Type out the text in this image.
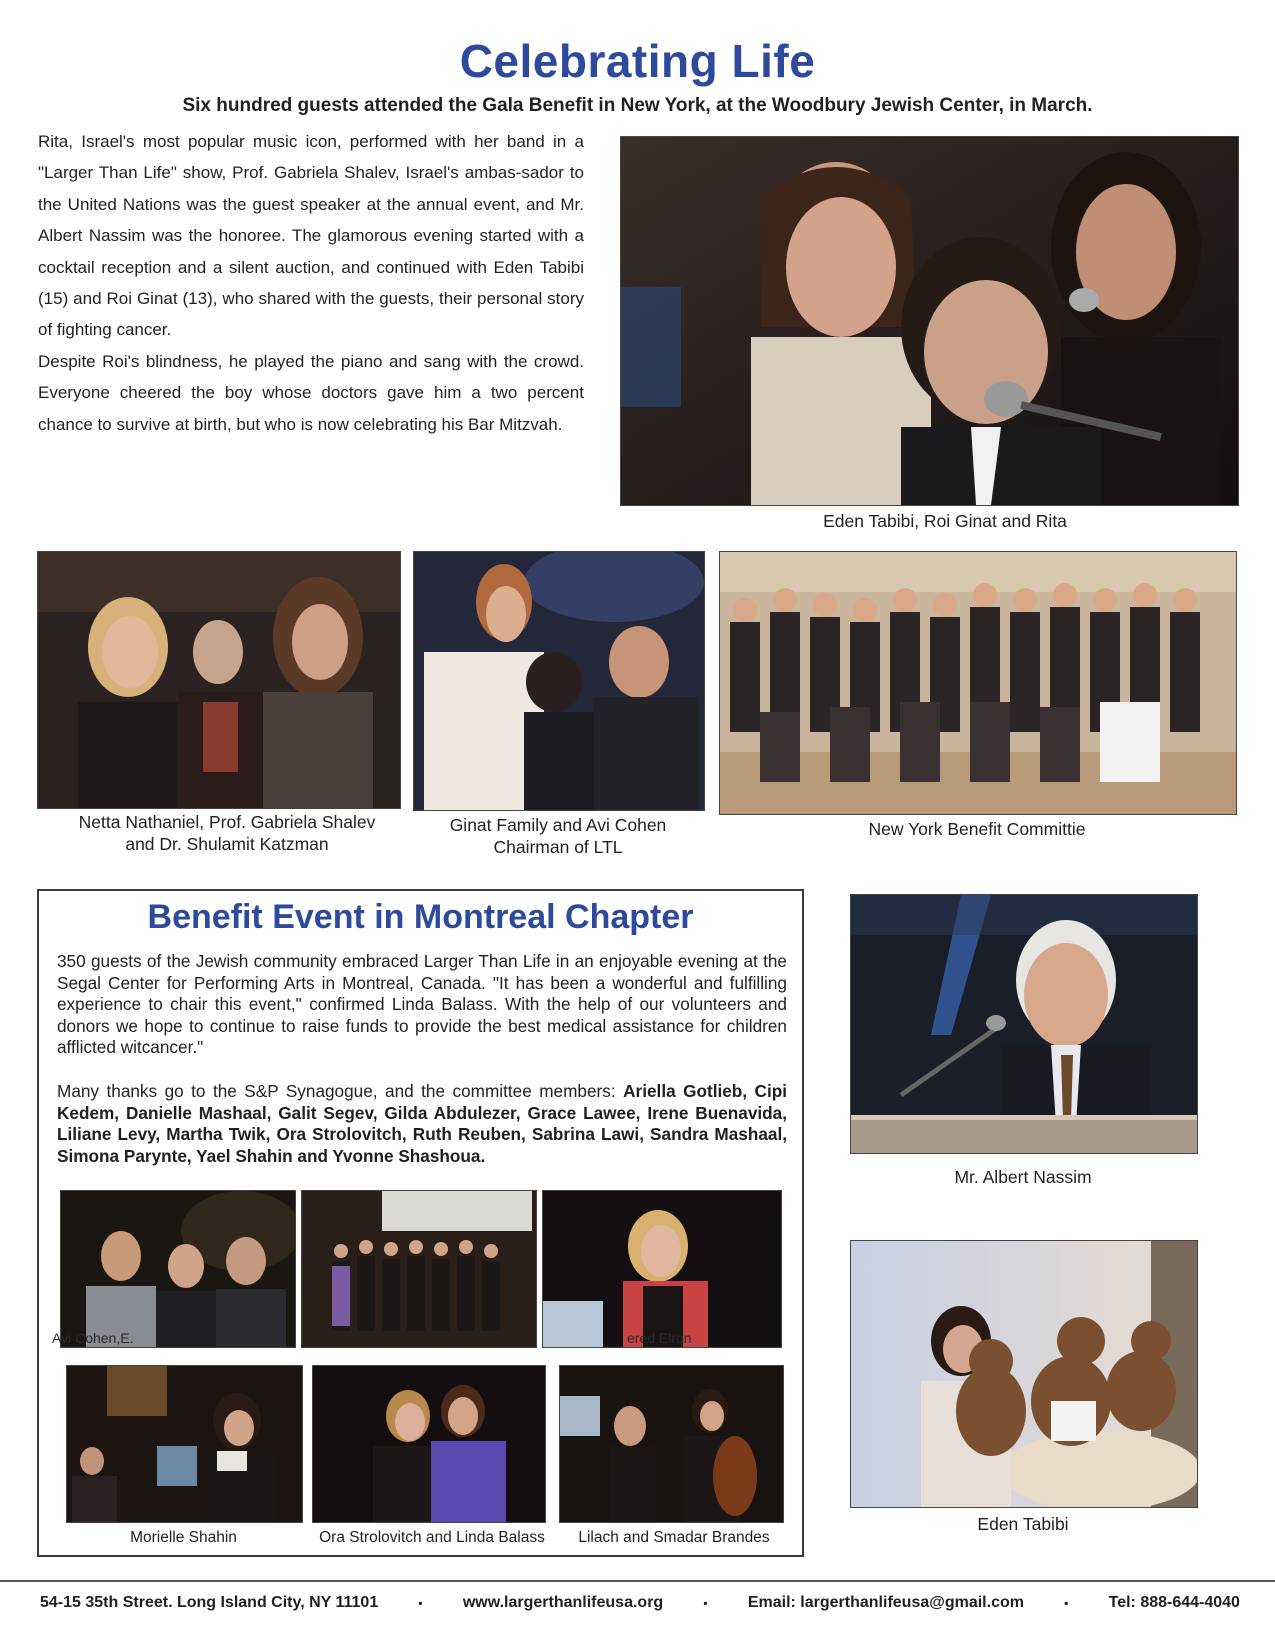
Celebrating Life
Six hundred guests attended the Gala Benefit in New York, at the Woodbury Jewish Center, in March.

Rita, Israel's most popular music icon, performed with her band in a "Larger Than Life" show, Prof. Gabriela Shalev, Israel's ambas-sador to the United Nations was the guest speaker at the annual event, and Mr. Albert Nassim was the honoree. The glamorous evening started with a cocktail reception and a silent auction, and continued with Eden Tabibi (15) and Roi Ginat (13), who shared with the guests, their personal story of fighting cancer.

Despite Roi's blindness, he played the piano and sang with the crowd. Everyone cheered the boy whose doctors gave him a two percent chance to survive at birth, but who is now celebrating his Bar Mitzvah.

Eden Tabibi, Roi Ginat and Rita
Netta Nathaniel, Prof. Gabriela Shalev
and Dr. Shulamit Katzman
Ginat Family and Avi Cohen
Chairman of LTL
New York Benefit Committie
Benefit Event in Montreal Chapter

350 guests of the Jewish community embraced Larger Than Life in an enjoyable evening at the Segal Center for Performing Arts in Montreal, Canada. "It has been a wonderful and fulfilling experience to chair this event," confirmed Linda Balass. With the help of our volunteers and donors we hope to continue to raise funds to provide the best medical assistance for children afflicted witcancer."

Many thanks go to the S&P Synagogue, and the committee members: Ariella Gotlieb, Cipi Kedem, Danielle Mashaal, Galit Segev, Gilda Abdulezer, Grace Lawee, Irene Buenavida, Liliane Levy, Martha Twik, Ora Strolovitch, Ruth Reuben, Sabrina Lawi, Sandra Mashaal, Simona Parynte, Yael Shahin and Yvonne Shashoua.

Avi Cohen,E.	ered Elron
Morielle Shahin	Ora Strolovitch and Linda Balass	Lilach and Smadar Brandes
Mr. Albert Nassim
Eden Tabibi
54-15 35th Street. Long Island City, NY 11101	▪	www.largerthanlifeusa.org	▪	Email: largerthanlifeusa@gmail.com	▪	Tel: 888-644-4040
